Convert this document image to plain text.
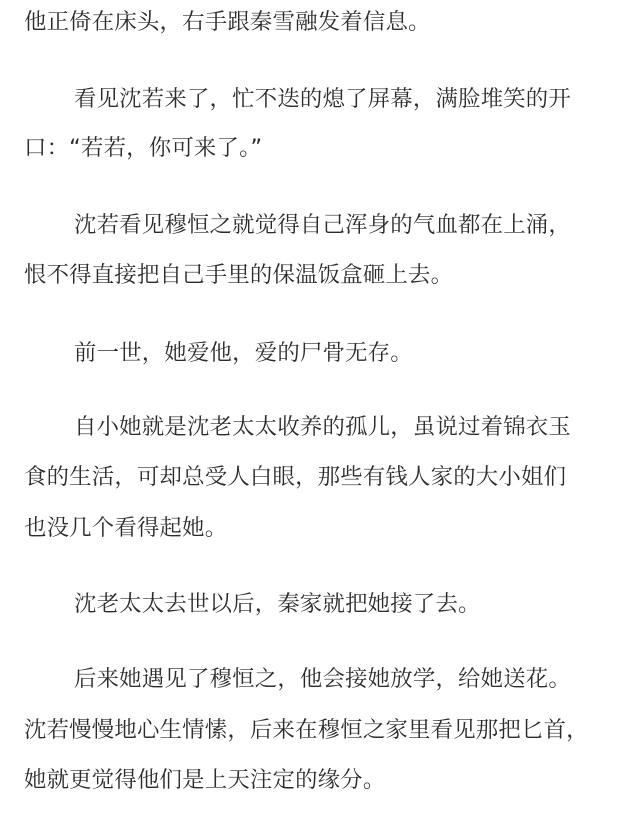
他正倚在床头，右手跟秦雪融发着信息。
看见沈若来了，忙不迭的熄了屏幕，满脸堆笑的开
口：“若若，你可来了。”
沈若看见穆恒之就觉得自己浑身的气血都在上涌，
恨不得直接把自己手里的保温饭盒砸上去。
前一世，她爱他，爱的尸骨无存。
自小她就是沈老太太收养的孤儿，虽说过着锦衣玉
食的生活，可却总受人白眼，那些有钱人家的大小姐们
也没几个看得起她。
沈老太太去世以后，秦家就把她接了去。
后来她遇见了穆恒之，他会接她放学，给她送花。
沈若慢慢地心生情愫，后来在穆恒之家里看见那把匕首，
她就更觉得他们是上天注定的缘分。
